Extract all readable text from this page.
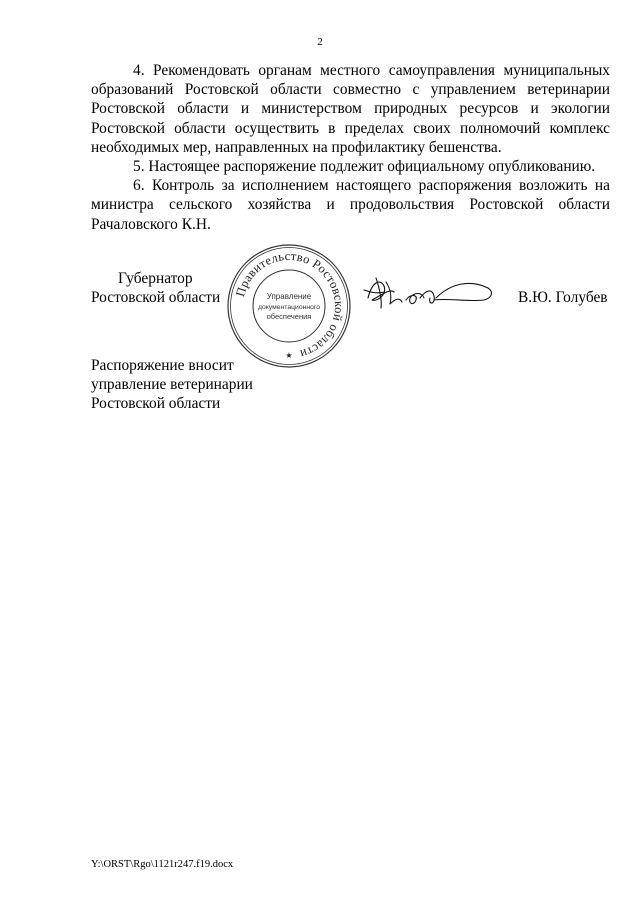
2

4. Рекомендовать органам местного самоуправления муниципальных образований Ростовской области совместно с управлением ветеринарии Ростовской области и министерством природных ресурсов и экологии Ростовской области осуществить в пределах своих полномочий комплекс необходимых мер, направленных на профилактику бешенства.

5. Настоящее распоряжение подлежит официальному опубликованию.

6. Контроль за исполнением настоящего распоряжения возложить на министра сельского хозяйства и продовольствия Ростовской области Рачаловского К.Н.

Губернатор
Ростовской области Правительство Ростовской области
Управление
документационного
обеспечения
★
В.Ю. Голубев
Распоряжение вносит
управление ветеринарии
Ростовской области
Y:\ORST\Rgo\1121r247.f19.docx
